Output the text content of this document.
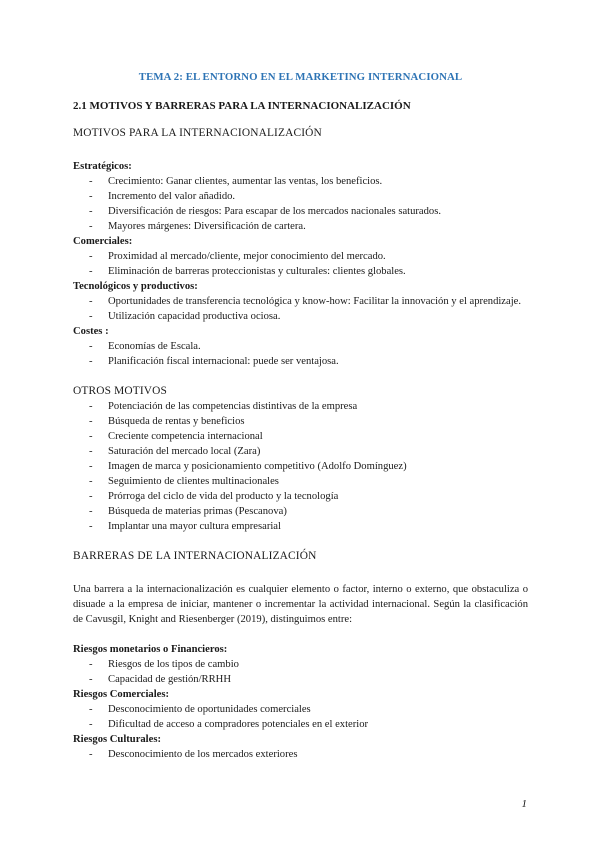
TEMA 2: EL ENTORNO EN EL MARKETING INTERNACIONAL
2.1 MOTIVOS Y BARRERAS PARA LA INTERNACIONALIZACIÓN
MOTIVOS PARA LA INTERNACIONALIZACIÓN
Estratégicos:
- Crecimiento: Ganar clientes, aumentar las ventas, los beneficios.
- Incremento del valor añadido.
- Diversificación de riesgos: Para escapar de los mercados nacionales saturados.
- Mayores márgenes: Diversificación de cartera.
Comerciales:
- Proximidad al mercado/cliente, mejor conocimiento del mercado.
- Eliminación de barreras proteccionistas y culturales: clientes globales.
Tecnológicos y productivos:
- Oportunidades de transferencia tecnológica y know-how: Facilitar la innovación y el aprendizaje.
- Utilización capacidad productiva ociosa.
Costes :
- Economías de Escala.
- Planificación fiscal internacional: puede ser ventajosa.
OTROS MOTIVOS
- Potenciación de las competencias distintivas de la empresa
- Búsqueda de rentas y beneficios
- Creciente competencia internacional
- Saturación del mercado local (Zara)
- Imagen de marca y posicionamiento competitivo (Adolfo Domínguez)
- Seguimiento de clientes multinacionales
- Prórroga del ciclo de vida del producto y la tecnología
- Búsqueda de materias primas (Pescanova)
- Implantar una mayor cultura empresarial
BARRERAS DE LA INTERNACIONALIZACIÓN
Una barrera a la internacionalización es cualquier elemento o factor, interno o externo, que obstaculiza o disuade a la empresa de iniciar, mantener o incrementar la actividad internacional. Según la clasificación de Cavusgil, Knight and Riesenberger (2019), distinguimos entre:
Riesgos monetarios o Financieros:
- Riesgos de los tipos de cambio
- Capacidad de gestión/RRHH
Riesgos Comerciales:
- Desconocimiento de oportunidades comerciales
- Dificultad de acceso a compradores potenciales en el exterior
Riesgos Culturales:
- Desconocimiento de los mercados exteriores
1
